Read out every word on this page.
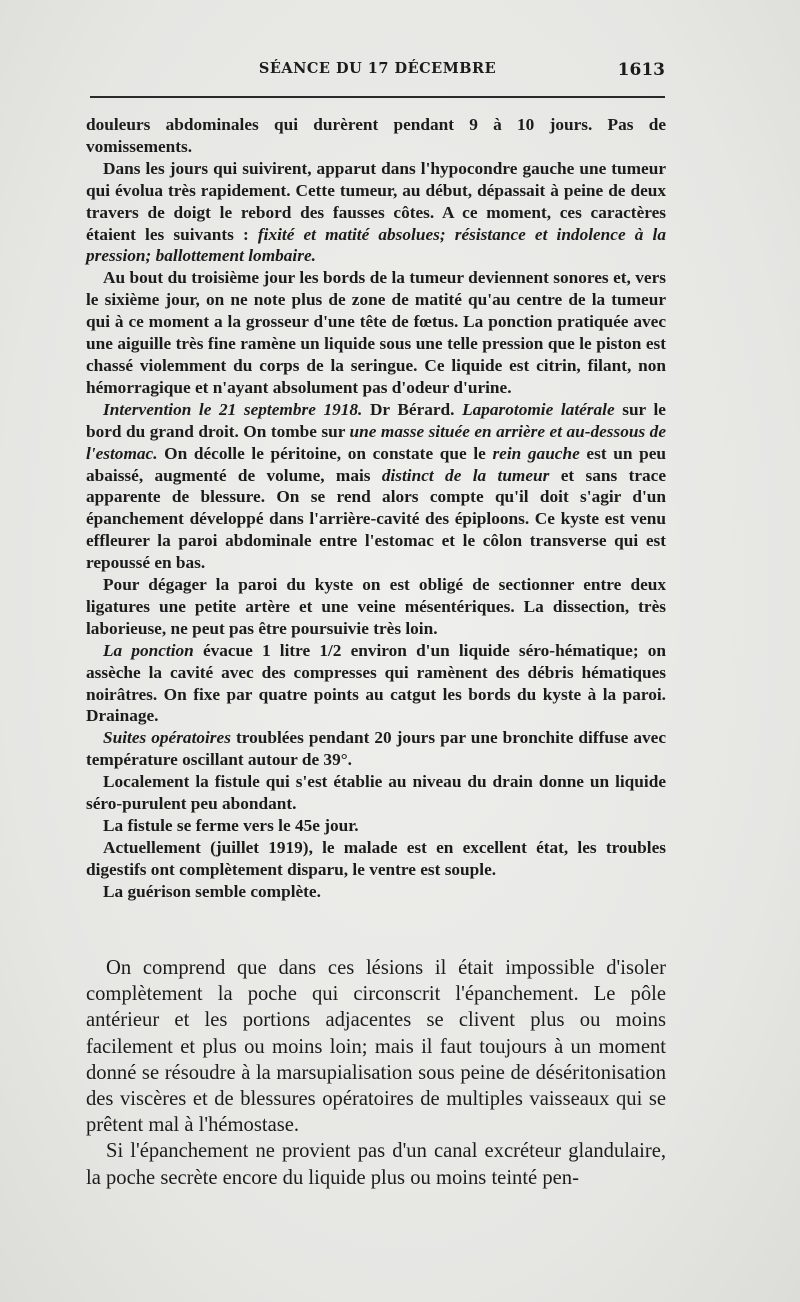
SÉANCE DU 17 DÉCEMBRE	1613

douleurs abdominales qui durèrent pendant 9 à 10 jours. Pas de vomissements.

Dans les jours qui suivirent, apparut dans l'hypocondre gauche une tumeur qui évolua très rapidement. Cette tumeur, au début, dépassait à peine de deux travers de doigt le rebord des fausses côtes. A ce moment, ces caractères étaient les suivants : fixité et matité absolues; résistance et indolence à la pression; ballottement lombaire.

Au bout du troisième jour les bords de la tumeur deviennent sonores et, vers le sixième jour, on ne note plus de zone de matité qu'au centre de la tumeur qui à ce moment a la grosseur d'une tête de fœtus. La ponction pratiquée avec une aiguille très fine ramène un liquide sous une telle pression que le piston est chassé violemment du corps de la seringue. Ce liquide est citrin, filant, non hémorragique et n'ayant absolument pas d'odeur d'urine.

Intervention le 21 septembre 1918. Dr Bérard. Laparotomie latérale sur le bord du grand droit. On tombe sur une masse située en arrière et au-dessous de l'estomac. On décolle le péritoine, on constate que le rein gauche est un peu abaissé, augmenté de volume, mais distinct de la tumeur et sans trace apparente de blessure. On se rend alors compte qu'il doit s'agir d'un épanchement développé dans l'arrière-cavité des épiploons. Ce kyste est venu effleurer la paroi abdominale entre l'estomac et le côlon transverse qui est repoussé en bas.

Pour dégager la paroi du kyste on est obligé de sectionner entre deux ligatures une petite artère et une veine mésentériques. La dissection, très laborieuse, ne peut pas être poursuivie très loin.

La ponction évacue 1 litre 1/2 environ d'un liquide séro-hématique; on assèche la cavité avec des compresses qui ramènent des débris hématiques noirâtres. On fixe par quatre points au catgut les bords du kyste à la paroi. Drainage.

Suites opératoires troublées pendant 20 jours par une bronchite diffuse avec température oscillant autour de 39°.

Localement la fistule qui s'est établie au niveau du drain donne un liquide séro-purulent peu abondant.

La fistule se ferme vers le 45e jour.

Actuellement (juillet 1919), le malade est en excellent état, les troubles digestifs ont complètement disparu, le ventre est souple.

La guérison semble complète.

On comprend que dans ces lésions il était impossible d'isoler complètement la poche qui circonscrit l'épanchement. Le pôle antérieur et les portions adjacentes se clivent plus ou moins facilement et plus ou moins loin; mais il faut toujours à un moment donné se résoudre à la marsupialisation sous peine de déséritonisation des viscères et de blessures opératoires de multiples vaisseaux qui se prêtent mal à l'hémostase.

Si l'épanchement ne provient pas d'un canal excréteur glandulaire, la poche secrète encore du liquide plus ou moins teinté pen-
